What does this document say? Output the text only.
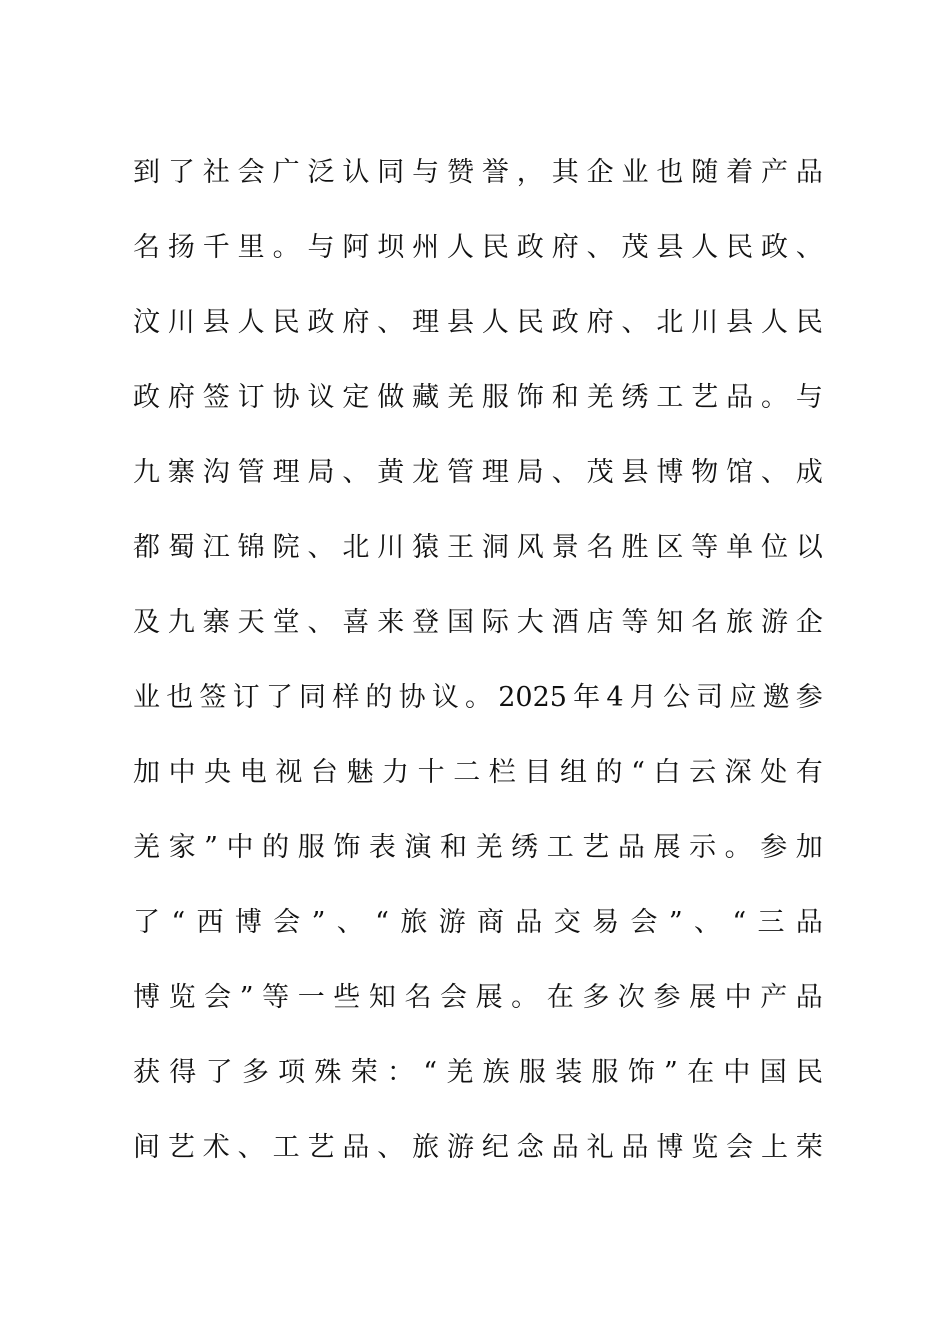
到 了 社 会 广 泛 认 同 与 赞 誉 ， 其 企 业 也 随 着 产 品
名 扬 千 里 。 与 阿 坝 州 人 民 政 府 、 茂 县 人 民 政 、
汶 川 县 人 民 政 府 、 理 县 人 民 政 府 、 北 川 县 人 民
政 府 签 订 协 议 定 做 藏 羌 服 饰 和 羌 绣 工 艺 品 。 与
九 寨 沟 管 理 局 、 黄 龙 管 理 局 、 茂 县 博 物 馆 、 成
都 蜀 江 锦 院 、 北 川 猿 王 洞 风 景 名 胜 区 等 单 位 以
及 九 寨 天 堂 、 喜 来 登 国 际 大 酒 店 等 知 名 旅 游 企
业 也 签 订 了 同 样 的 协 议 。 2025 年 4 月 公 司 应 邀 参
加 中 央 电 视 台 魅 力 十 二 栏 目 组 的 “ 白 云 深 处 有
羌 家 ” 中 的 服 饰 表 演 和 羌 绣 工 艺 品 展 示 。 参 加
了 “ 西 博 会 ” 、 “ 旅 游 商 品 交 易 会 ” 、 “ 三 品
博 览 会 ” 等 一 些 知 名 会 展 。 在 多 次 参 展 中 产 品
获 得 了 多 项 殊 荣 ： “ 羌 族 服 装 服 饰 ” 在 中 国 民
间 艺 术 、 工 艺 品 、 旅 游 纪 念 品 礼 品 博 览 会 上 荣
